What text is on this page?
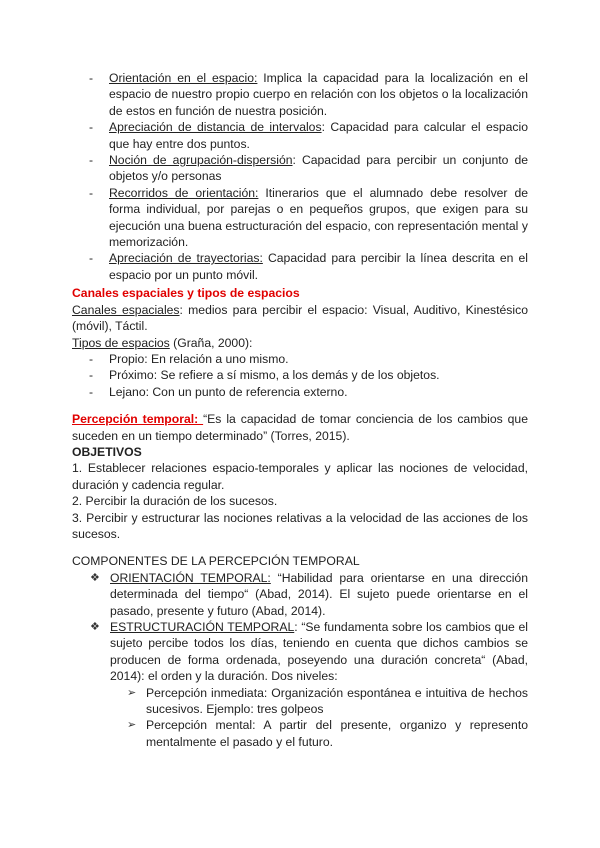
- Orientación en el espacio: Implica la capacidad para la localización en el espacio de nuestro propio cuerpo en relación con los objetos o la localización de estos en función de nuestra posición.
- Apreciación de distancia de intervalos: Capacidad para calcular el espacio que hay entre dos puntos.
- Noción de agrupación-dispersión: Capacidad para percibir un conjunto de objetos y/o personas
- Recorridos de orientación: Itinerarios que el alumnado debe resolver de forma individual, por parejas o en pequeños grupos, que exigen para su ejecución una buena estructuración del espacio, con representación mental y memorización.
- Apreciación de trayectorias: Capacidad para percibir la línea descrita en el espacio por un punto móvil.

Canales espaciales y tipos de espacios

Canales espaciales: medios para percibir el espacio: Visual, Auditivo, Kinestésico (móvil), Táctil.

Tipos de espacios (Graña, 2000):

- Propio: En relación a uno mismo.
- Próximo: Se refiere a sí mismo, a los demás y de los objetos.
- Lejano: Con un punto de referencia externo.

Percepción temporal: “Es la capacidad de tomar conciencia de los cambios que suceden en un tiempo determinado” (Torres, 2015).

OBJETIVOS

1. Establecer relaciones espacio-temporales y aplicar las nociones de velocidad, duración y cadencia regular.

2. Percibir la duración de los sucesos.

3. Percibir y estructurar las nociones relativas a la velocidad de las acciones de los sucesos.

COMPONENTES DE LA PERCEPCIÓN TEMPORAL

❖ ORIENTACIÓN TEMPORAL: “Habilidad para orientarse en una dirección determinada del tiempo“ (Abad, 2014). El sujeto puede orientarse en el pasado, presente y futuro (Abad, 2014).
❖ ESTRUCTURACIÓN TEMPORAL: “Se fundamenta sobre los cambios que el sujeto percibe todos los días, teniendo en cuenta que dichos cambios se producen de forma ordenada, poseyendo una duración concreta“ (Abad, 2014): el orden y la duración. Dos niveles:
➢ Percepción inmediata: Organización espontánea e intuitiva de hechos sucesivos. Ejemplo: tres golpeos
➢ Percepción mental: A partir del presente, organizo y represento mentalmente el pasado y el futuro.
